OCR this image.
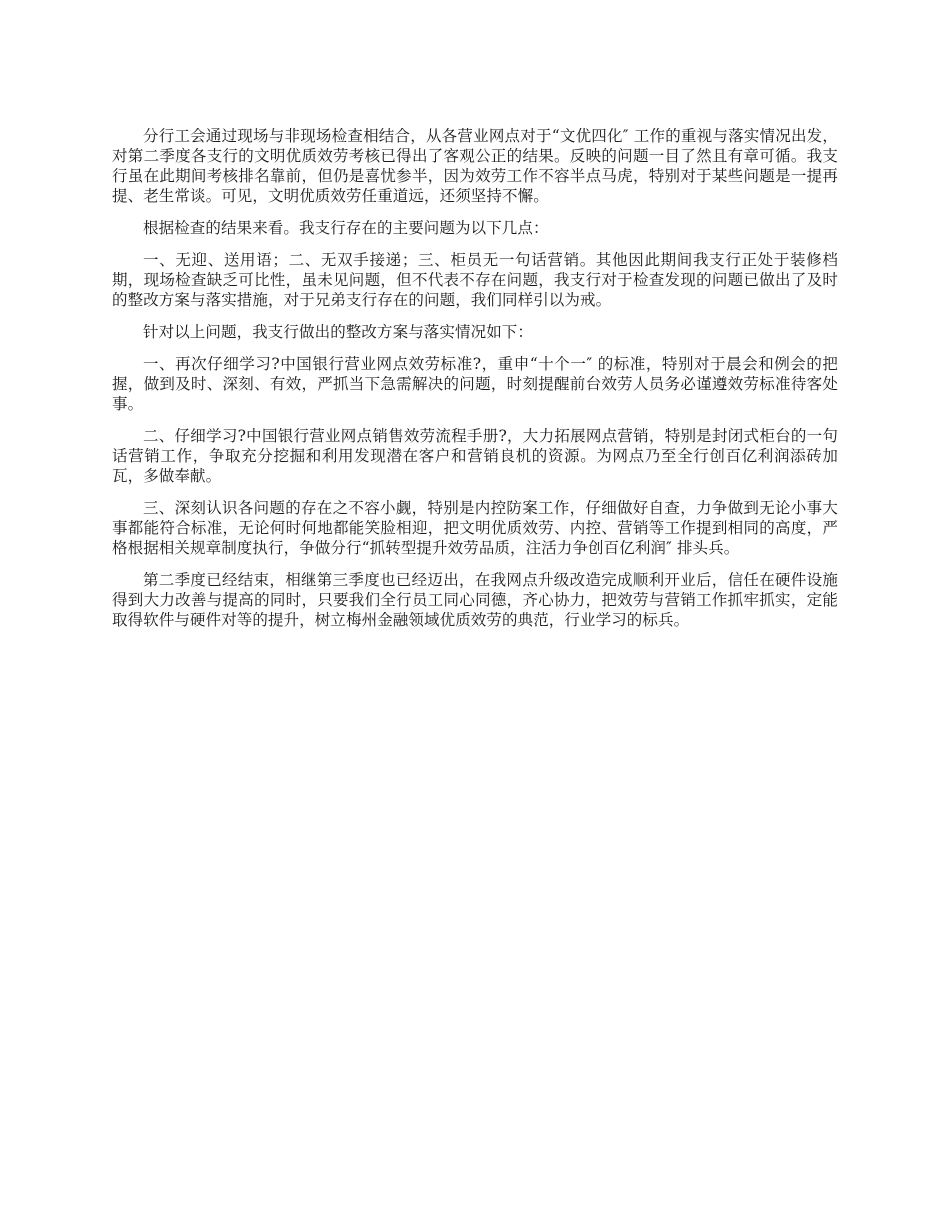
分行工会通过现场与非现场检查相结合，从各营业网点对于“文优四化″ 工作的重视与落实情况出发，对第二季度各支行的文明优质效劳考核已得出了客观公正的结果。反映的问题一目了然且有章可循。我支行虽在此期间考核排名靠前，但仍是喜忧参半，因为效劳工作不容半点马虎，特别对于某些问题是一提再提、老生常谈。可见，文明优质效劳任重道远，还须坚持不懈。

根据检查的结果来看。我支行存在的主要问题为以下几点：

一、无迎、送用语；二、无双手接递；三、柜员无一句话营销。其他因此期间我支行正处于装修档期，现场检查缺乏可比性，虽未见问题，但不代表不存在问题，我支行对于检查发现的问题已做出了及时的整改方案与落实措施，对于兄弟支行存在的问题，我们同样引以为戒。

针对以上问题，我支行做出的整改方案与落实情况如下：

一、再次仔细学习?中国银行营业网点效劳标准?，重申“十个一″ 的标准，特别对于晨会和例会的把握，做到及时、深刻、有效，严抓当下急需解决的问题，时刻提醒前台效劳人员务必谨遵效劳标准待客处事。

二、仔细学习?中国银行营业网点销售效劳流程手册?，大力拓展网点营销，特别是封闭式柜台的一句话营销工作，争取充分挖掘和利用发现潜在客户和营销良机的资源。为网点乃至全行创百亿利润添砖加瓦，多做奉献。

三、深刻认识各问题的存在之不容小觑，特别是内控防案工作，仔细做好自查，力争做到无论小事大事都能符合标准，无论何时何地都能笑脸相迎，把文明优质效劳、内控、营销等工作提到相同的高度，严格根据相关规章制度执行，争做分行“抓转型提升效劳品质，注活力争创百亿利润″ 排头兵。

第二季度已经结束，相继第三季度也已经迈出，在我网点升级改造完成顺利开业后，信任在硬件设施得到大力改善与提高的同时，只要我们全行员工同心同德，齐心协力，把效劳与营销工作抓牢抓实，定能取得软件与硬件对等的提升，树立梅州金融领域优质效劳的典范，行业学习的标兵。
